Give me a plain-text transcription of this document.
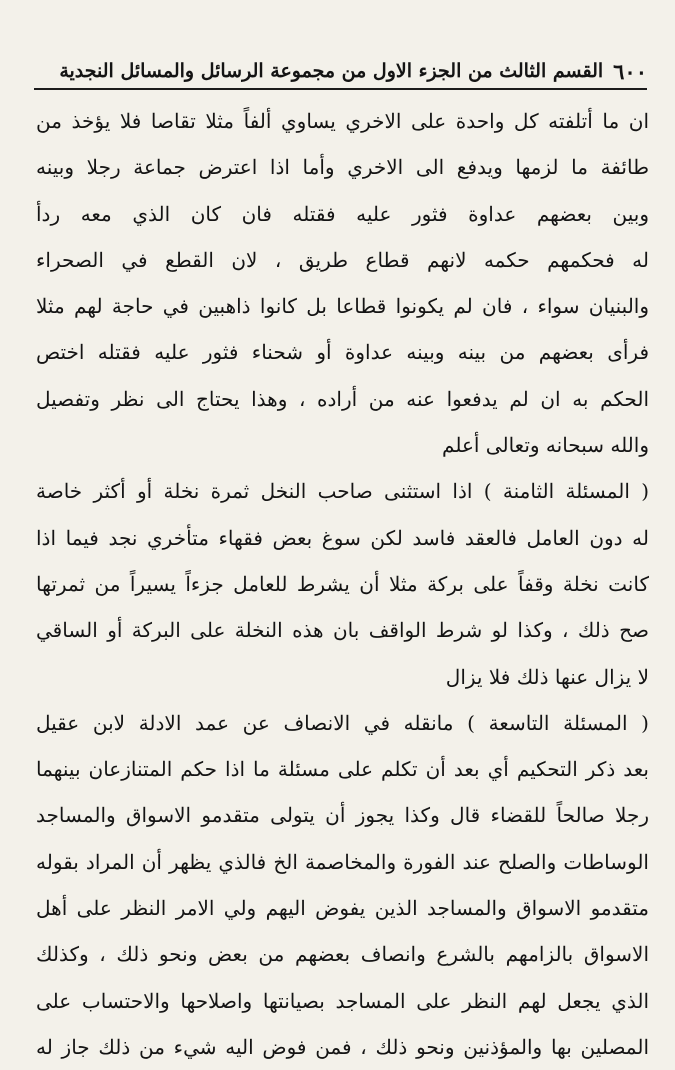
٦٠٠
القسم الثالث من الجزء الاول من مجموعة الرسائل والمسائل النجدية
ان ما أتلفته كل واحدة على الاخري يساوي ألفاً مثلا تقاصا فلا يؤخذ من
طائفة ما لزمها ويدفع الى الاخري وأما اذا اعترض جماعة رجلا وبينه
وبين بعضهم عداوة فثور عليه فقتله فان كان الذي معه ردأ
له فحكمهم حكمه لانهم قطاع طريق ، لان القطع في الصحراء
والبنيان سواء ، فان لم يكونوا قطاعا بل كانوا ذاهبين في حاجة لهم مثلا
فرأى بعضهم من بينه وبينه عداوة أو شحناء فثور عليه فقتله اختص
الحكم به ان لم يدفعوا عنه من أراده ، وهذا يحتاج الى نظر وتفصيل
والله سبحانه وتعالى أعلم
( المسئلة الثامنة ) اذا استثنى صاحب النخل ثمرة نخلة أو أكثر خاصة
له دون العامل فالعقد فاسد لكن سوغ بعض فقهاء متأخري نجد فيما اذا
كانت نخلة وقفاً على بركة مثلا أن يشرط للعامل جزءاً يسيراً من ثمرتها
صح ذلك ، وكذا لو شرط الواقف بان هذه النخلة على البركة أو الساقي
لا يزال عنها ذلك فلا يزال
( المسئلة التاسعة ) مانقله في الانصاف عن عمد الادلة لابن عقيل
بعد ذكر التحكيم أي بعد أن تكلم على مسئلة ما اذا حكم المتنازعان بينهما
رجلا صالحاً للقضاء قال وكذا يجوز أن يتولى متقدمو الاسواق والمساجد
الوساطات والصلح عند الفورة والمخاصمة الخ فالذي يظهر أن المراد بقوله
متقدمو الاسواق والمساجد الذين يفوض اليهم ولي الامر النظر على أهل
الاسواق بالزامهم بالشرع وانصاف بعضهم من بعض ونحو ذلك ، وكذلك
الذي يجعل لهم النظر على المساجد بصيانتها واصلاحها والاحتساب على
المصلين بها والمؤذنين ونحو ذلك ، فمن فوض اليه شيء من ذلك جاز له
